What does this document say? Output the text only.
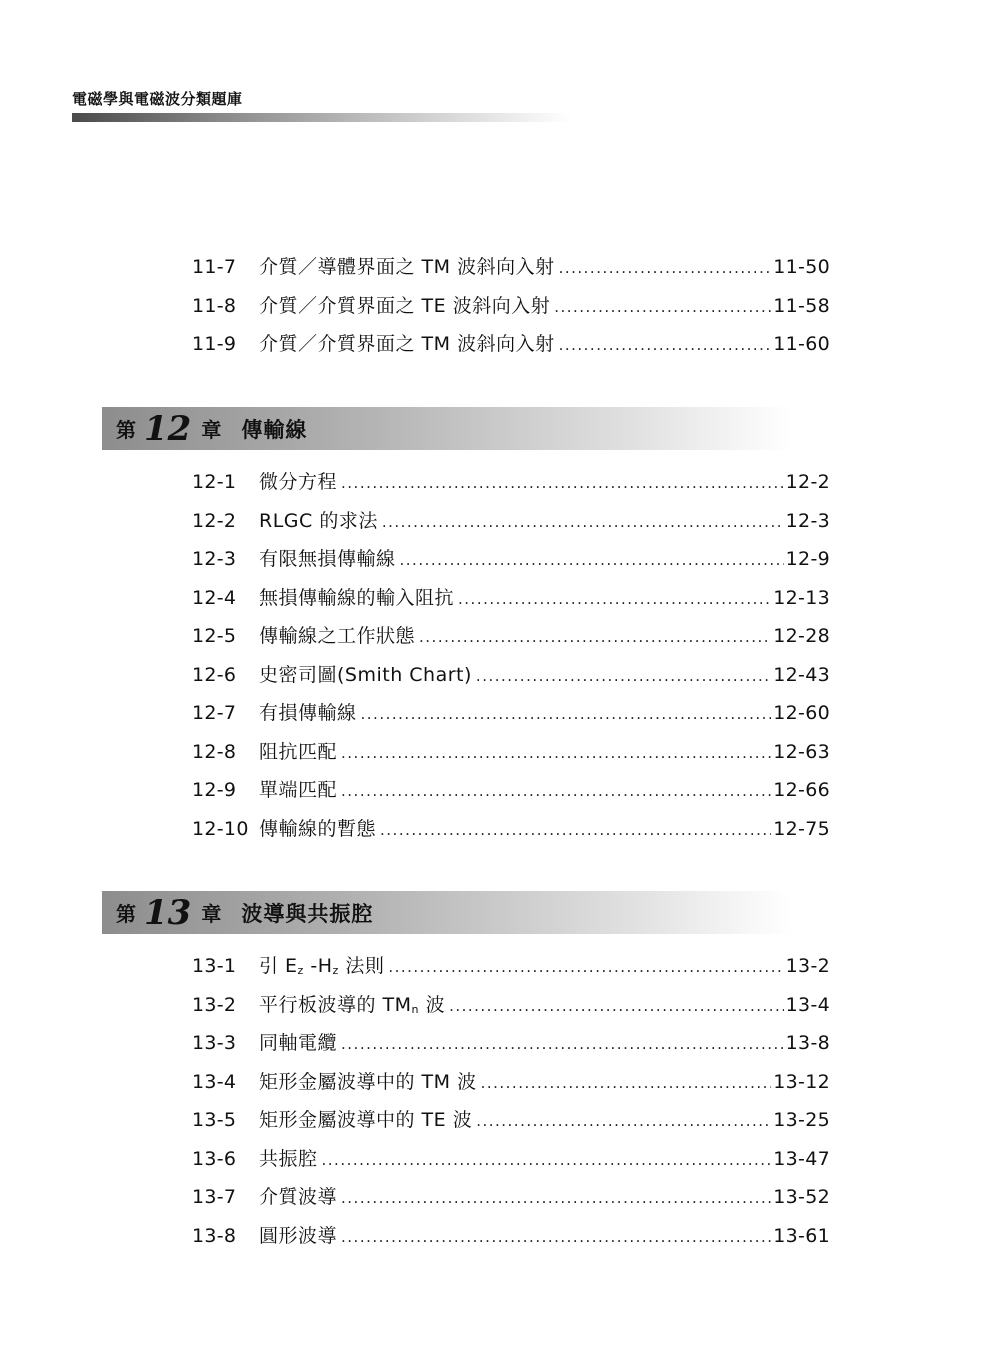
電磁學與電磁波分類題庫
11-7	介質／導體界面之 TM 波斜向入射 .....	11-50
11-8	介質／介質界面之 TE 波斜向入射 .....	11-58
11-9	介質／介質界面之 TM 波斜向入射 .....	11-60
第 12 章 傳輸線
12-1	微分方程 .....	12-2
12-2	RLGC 的求法 .....	12-3
12-3	有限無損傳輸線 .....	12-9
12-4	無損傳輸線的輸入阻抗 .....	12-13
12-5	傳輸線之工作狀態 .....	12-28
12-6	史密司圖(Smith Chart) .....	12-43
12-7	有損傳輸線 .....	12-60
12-8	阻抗匹配 .....	12-63
12-9	單端匹配 .....	12-66
12-10 傳輸線的暫態 .....	12-75
第 13 章 波導與共振腔
13-1	引 Ez -Hz 法則 .....	13-2
13-2	平行板波導的 TMn 波 .....	13-4
13-3	同軸電纜 .....	13-8
13-4	矩形金屬波導中的 TM 波 .....	13-12
13-5	矩形金屬波導中的 TE 波 .....	13-25
13-6	共振腔 .....	13-47
13-7	介質波導 .....	13-52
13-8	圓形波導 .....	13-61
